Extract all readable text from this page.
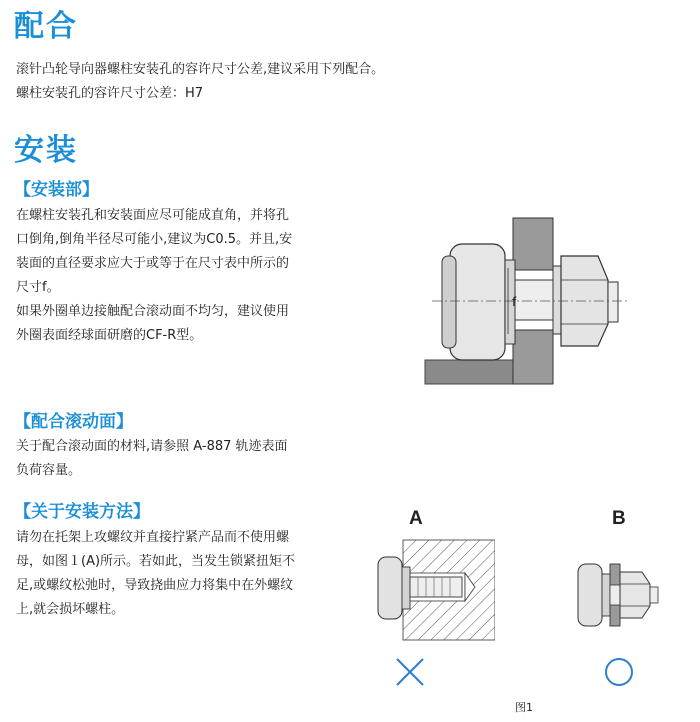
配合
滚针凸轮导向器螺柱安装孔的容许尺寸公差,建议采用下列配合。
螺柱安装孔的容许尺寸公差：H7
安装
【安装部】
在螺柱安装孔和安装面应尽可能成直角，并将孔
口倒角,倒角半径尽可能小,建议为C0.5。并且,安
装面的直径要求应大于或等于在尺寸表中所示的
尺寸f。
如果外圈单边接触配合滚动面不均匀，建议使用
外圈表面经球面研磨的CF-R型。
f
【配合滚动面】
关于配合滚动面的材料,请参照 A-887 轨迹表面
负荷容量。
【关于安装方法】
请勿在托架上攻螺纹并直接拧紧产品而不使用螺
母，如图１(A)所示。若如此，当发生锁紧扭矩不
足,或螺纹松弛时，导致挠曲应力将集中在外螺纹
上,就会损坏螺柱。
A	B
图1
